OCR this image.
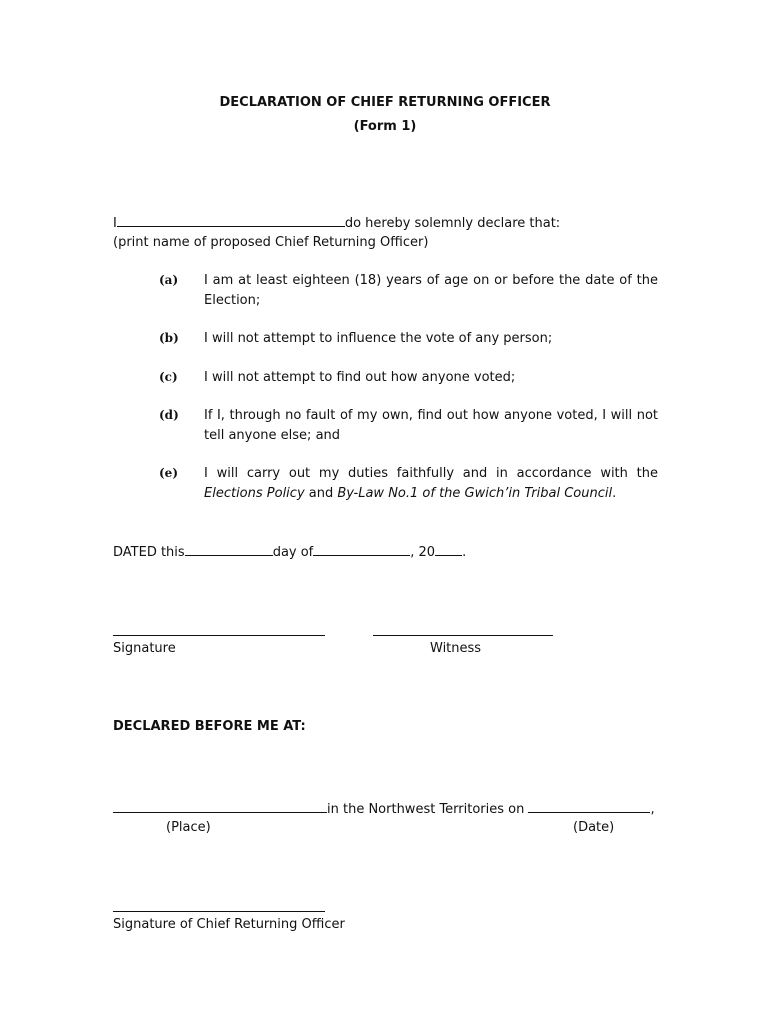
DECLARATION OF CHIEF RETURNING OFFICER
(Form 1)
I	do hereby solemnly declare that:
(print name of proposed Chief Returning Officer)
(a) I am at least eighteen (18) years of age on or before the date of the Election;
(b) I will not attempt to influence the vote of any person;
(c) I will not attempt to find out how anyone voted;
(d) If I, through no fault of my own, find out how anyone voted, I will not tell anyone else; and
(e) I will carry out my duties faithfully and in accordance with the Elections Policy and By-Law No.1 of the Gwich’in Tribal Council.
DATED this	day of	, 20 .
Signature	Witness
DECLARED BEFORE ME AT:
in the Northwest Territories on	,
(Place)	(Date)
Signature of Chief Returning Officer
